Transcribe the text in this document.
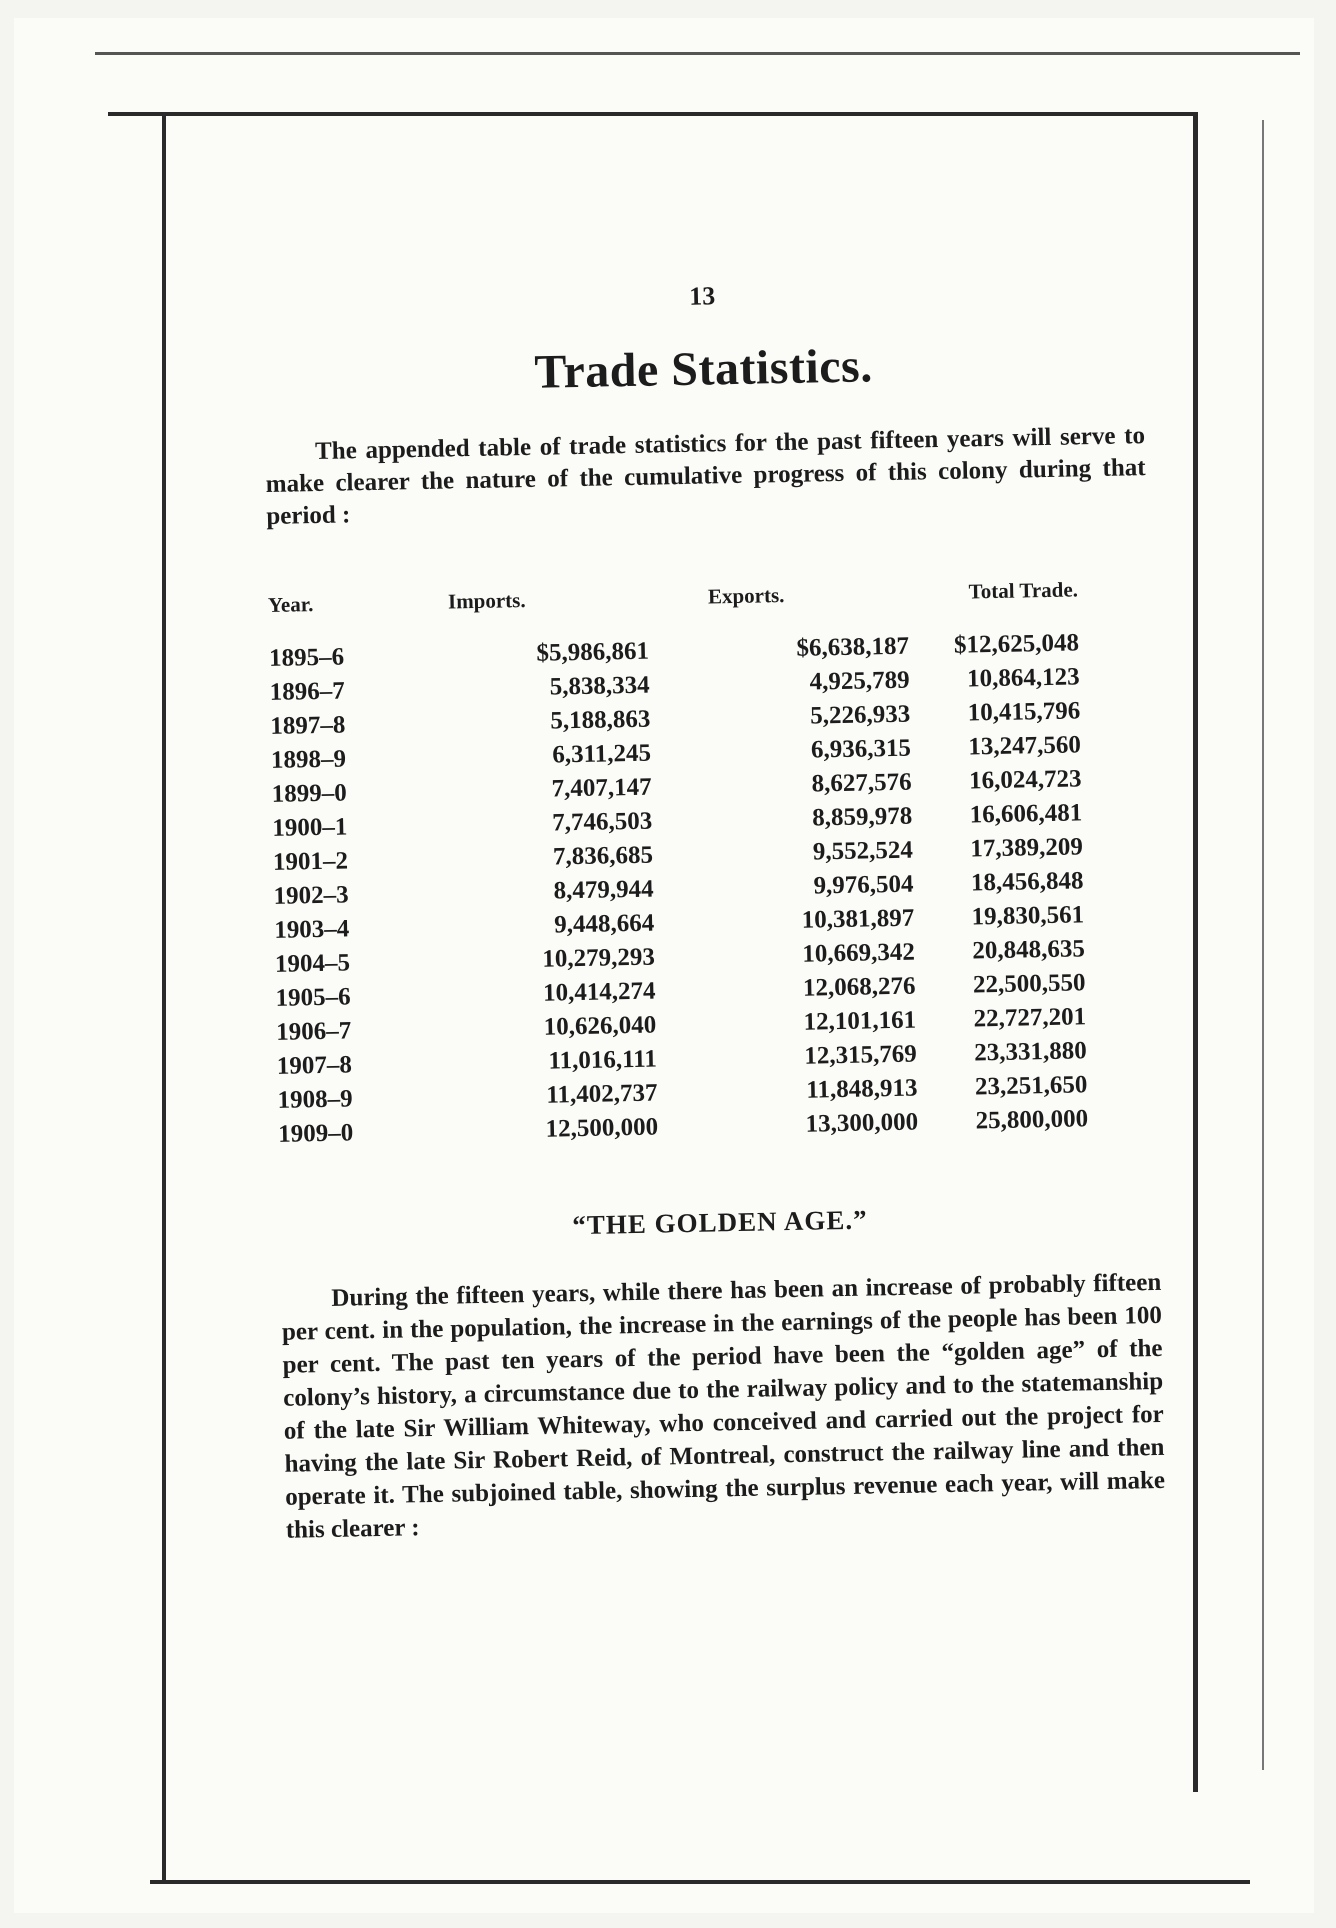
13
Trade Statistics.

The appended table of trade statistics for the past fifteen years will serve to make clearer the nature of the cumulative progress of this colony during that period :

Year.	Imports.	Exports.	Total Trade.
1895–6	$5,986,861	$6,638,187	$12,625,048
1896–7	5,838,334	4,925,789	10,864,123
1897–8	5,188,863	5,226,933	10,415,796
1898–9	6,311,245	6,936,315	13,247,560
1899–0	7,407,147	8,627,576	16,024,723
1900–1	7,746,503	8,859,978	16,606,481
1901–2	7,836,685	9,552,524	17,389,209
1902–3	8,479,944	9,976,504	18,456,848
1903–4	9,448,664	10,381,897	19,830,561
1904–5	10,279,293	10,669,342	20,848,635
1905–6	10,414,274	12,068,276	22,500,550
1906–7	10,626,040	12,101,161	22,727,201
1907–8	11,016,111	12,315,769	23,331,880
1908–9	11,402,737	11,848,913	23,251,650
1909–0	12,500,000	13,300,000	25,800,000
“THE GOLDEN AGE.”

During the fifteen years, while there has been an increase of probably fifteen per cent. in the population, the increase in the earnings of the people has been 100 per cent. The past ten years of the period have been the “golden age” of the colony’s history, a circumstance due to the railway policy and to the statemanship of the late Sir William Whiteway, who conceived and carried out the project for having the late Sir Robert Reid, of Montreal, construct the railway line and then operate it. The subjoined table, showing the surplus revenue each year, will make this clearer :
